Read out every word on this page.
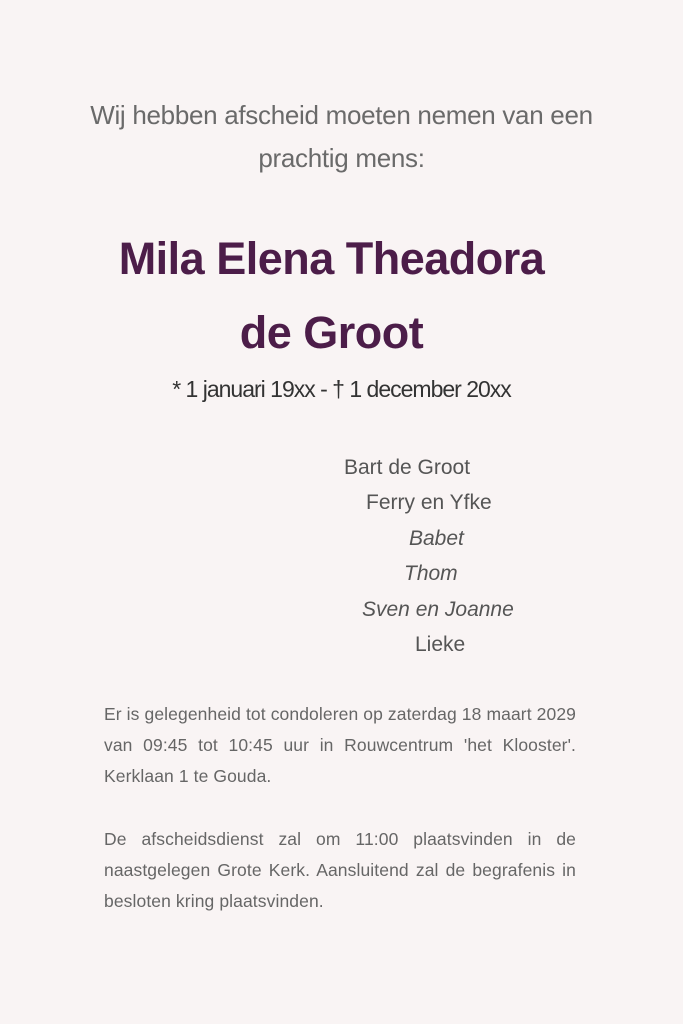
Wij hebben afscheid moeten nemen van een prachtig mens:
Mila Elena Theadora
de Groot
* 1 januari 19xx - † 1 december 20xx
Bart de Groot
Ferry en Yfke
Babet
Thom
Sven en Joanne
Lieke
Er is gelegenheid tot condoleren op zaterdag 18 maart 2029 van 09:45 tot 10:45 uur in Rouwcentrum 'het Klooster'. Kerklaan 1 te Gouda.
De afscheidsdienst zal om 11:00 plaatsvinden in de naastgelegen Grote Kerk. Aansluitend zal de begrafenis in besloten kring plaatsvinden.
